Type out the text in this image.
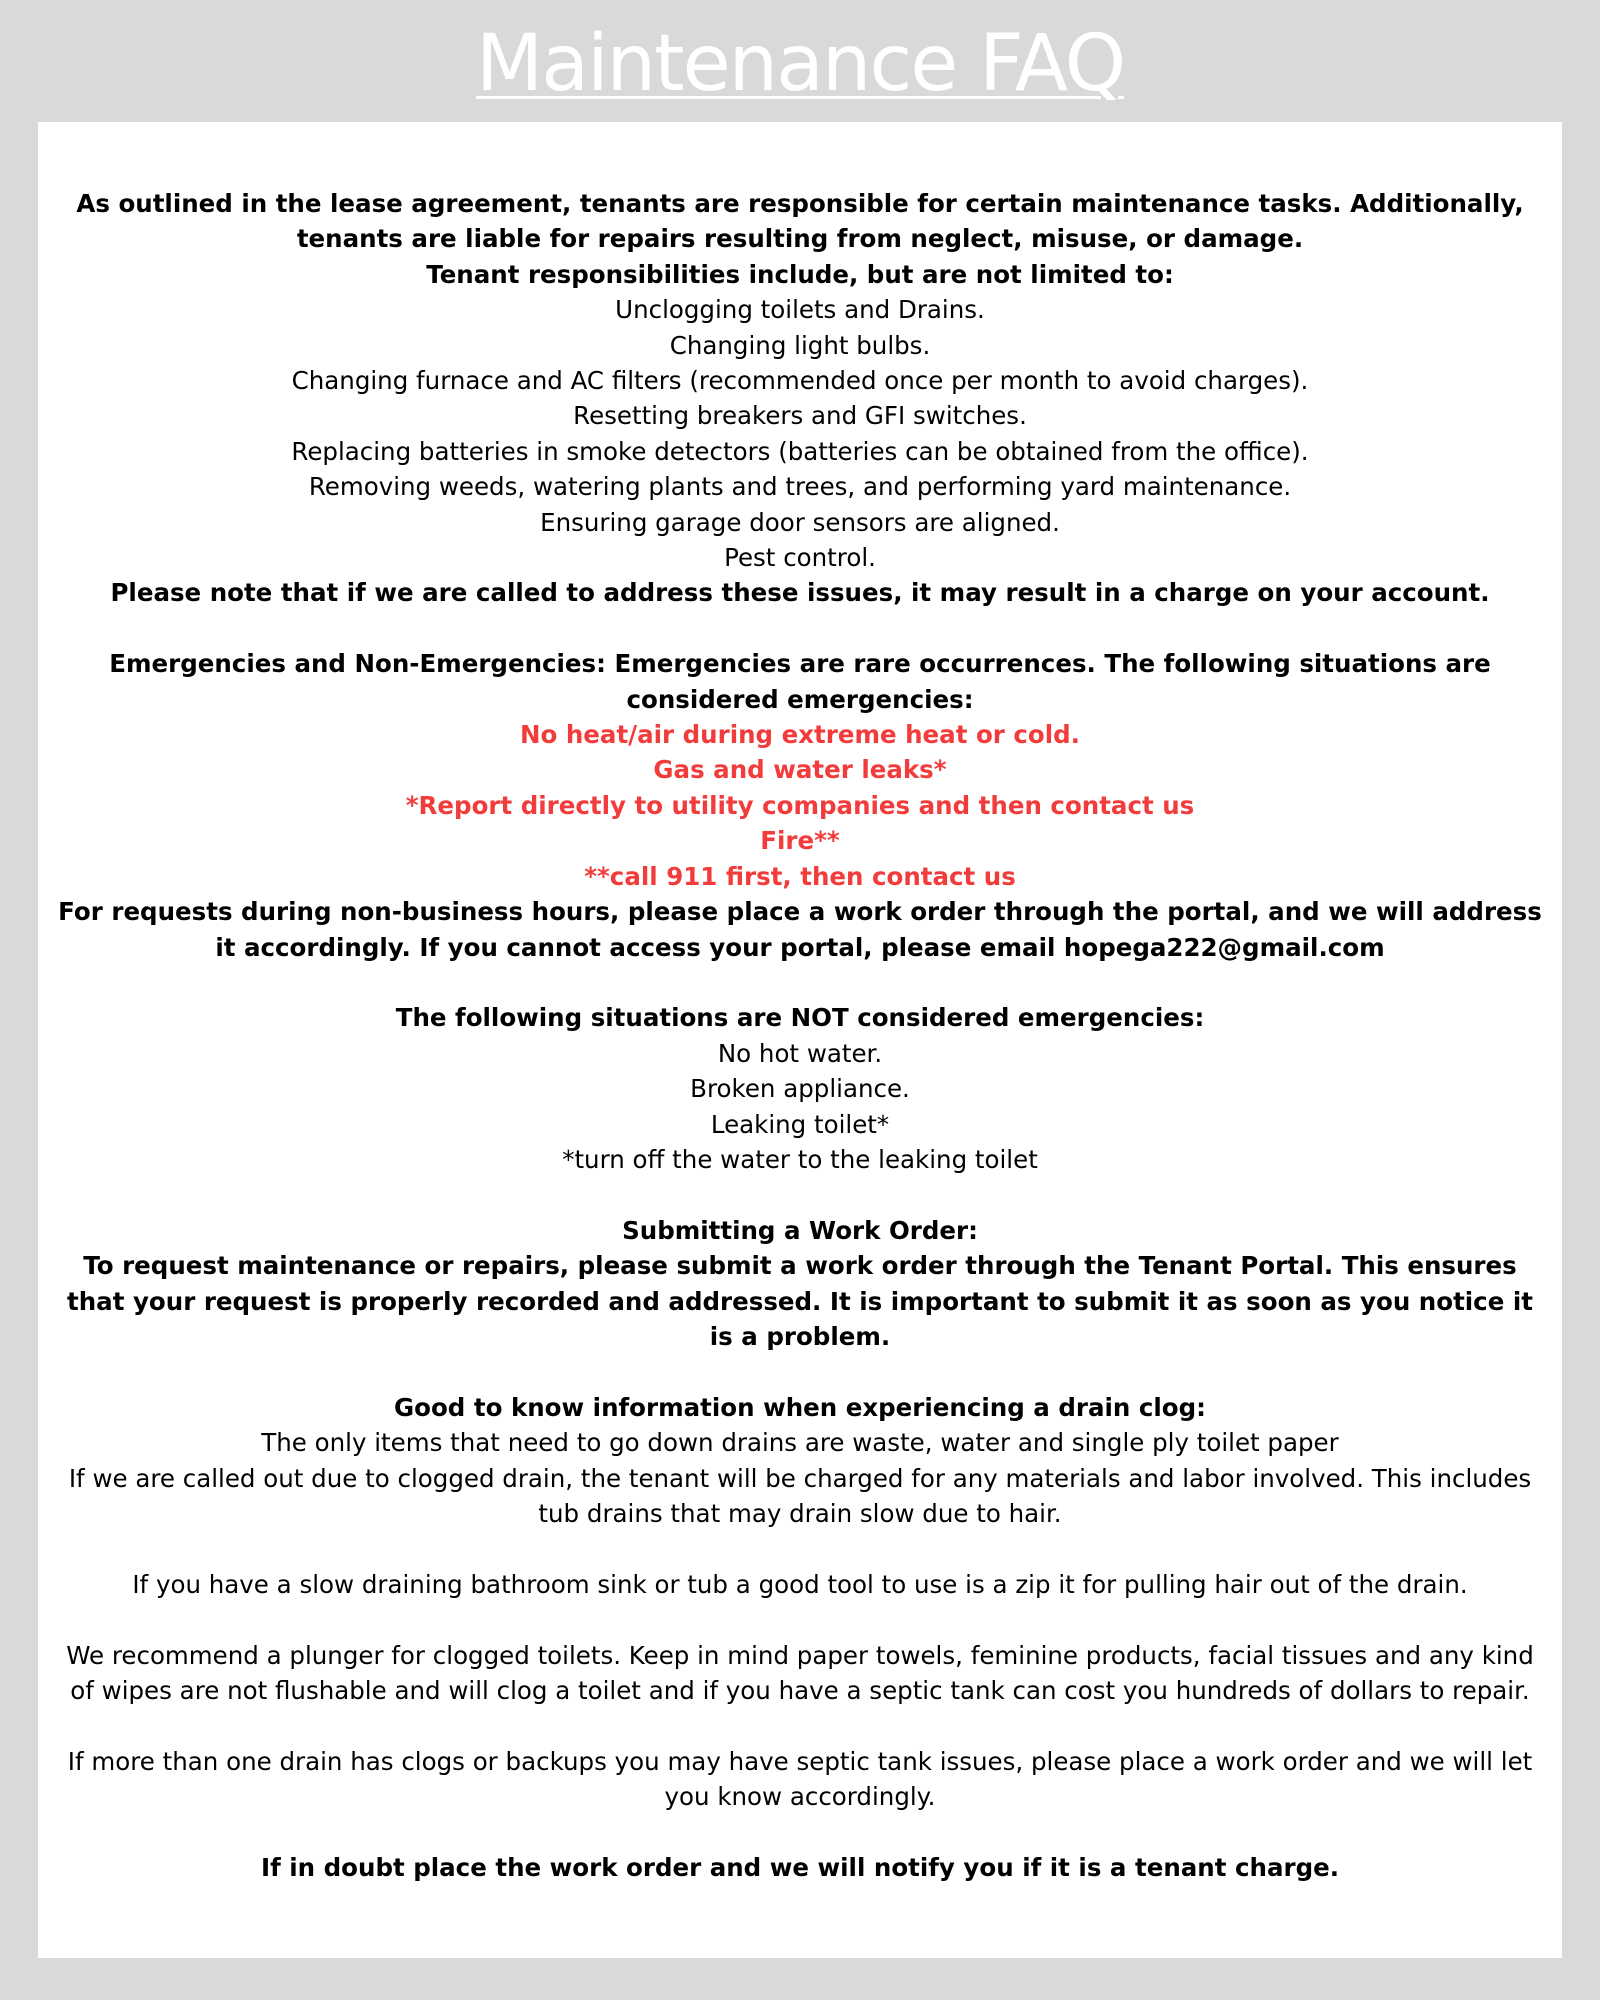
Maintenance FAQ

As outlined in the lease agreement, tenants are responsible for certain maintenance tasks. Additionally, tenants are liable for repairs resulting from neglect, misuse, or damage.

Tenant responsibilities include, but are not limited to:

Unclogging toilets and Drains.

Changing light bulbs.

Changing furnace and AC filters (recommended once per month to avoid charges).

Resetting breakers and GFI switches.

Replacing batteries in smoke detectors (batteries can be obtained from the office).

Removing weeds, watering plants and trees, and performing yard maintenance.

Ensuring garage door sensors are aligned.

Pest control.

Please note that if we are called to address these issues, it may result in a charge on your account.

Emergencies and Non-Emergencies: Emergencies are rare occurrences. The following situations are considered emergencies:

No heat/air during extreme heat or cold.

Gas and water leaks*

*Report directly to utility companies and then contact us

Fire**

**call 911 first, then contact us

For requests during non-business hours, please place a work order through the portal, and we will address it accordingly. If you cannot access your portal, please email hopega222@gmail.com

The following situations are NOT considered emergencies:

No hot water.

Broken appliance.

Leaking toilet*

*turn off the water to the leaking toilet

Submitting a Work Order:

To request maintenance or repairs, please submit a work order through the Tenant Portal. This ensures that your request is properly recorded and addressed. It is important to submit it as soon as you notice it is a problem.

Good to know information when experiencing a drain clog:

The only items that need to go down drains are waste, water and single ply toilet paper

If we are called out due to clogged drain, the tenant will be charged for any materials and labor involved. This includes tub drains that may drain slow due to hair.

If you have a slow draining bathroom sink or tub a good tool to use is a zip it for pulling hair out of the drain.

We recommend a plunger for clogged toilets. Keep in mind paper towels, feminine products, facial tissues and any kind of wipes are not flushable and will clog a toilet and if you have a septic tank can cost you hundreds of dollars to repair.

If more than one drain has clogs or backups you may have septic tank issues, please place a work order and we will let you know accordingly.

If in doubt place the work order and we will notify you if it is a tenant charge.
